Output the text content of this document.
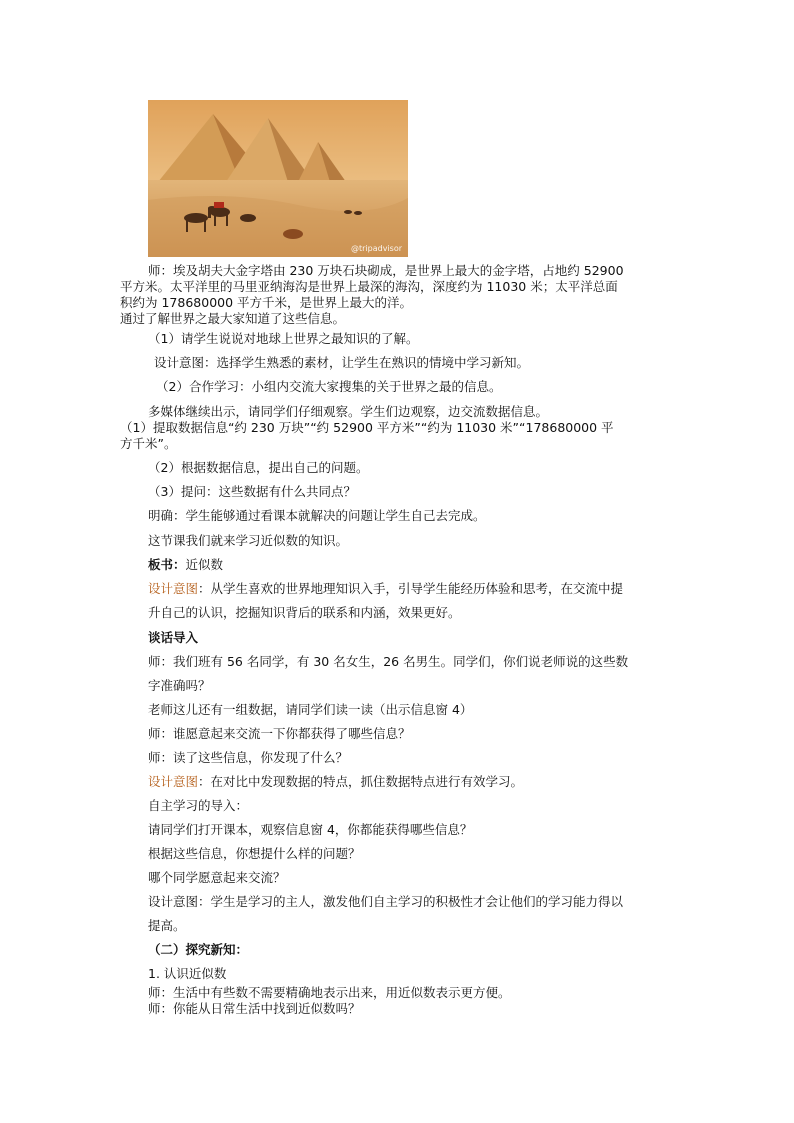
@tripadvisor
师：埃及胡夫大金字塔由 230 万块石块砌成，是世界上最大的金字塔，占地约 52900
平方米。太平洋里的马里亚纳海沟是世界上最深的海沟，深度约为 11030 米；太平洋总面
积约为 178680000 平方千米，是世界上最大的洋。
通过了解世界之最大家知道了这些信息。
（1）请学生说说对地球上世界之最知识的了解。
设计意图：选择学生熟悉的素材，让学生在熟识的情境中学习新知。
（2）合作学习：小组内交流大家搜集的关于世界之最的信息。
多媒体继续出示，请同学们仔细观察。学生们边观察，边交流数据信息。
（1）提取数据信息“约 230 万块”“约 52900 平方米”“约为 11030 米”“178680000 平
方千米”。
（2）根据数据信息，提出自己的问题。
（3）提问：这些数据有什么共同点？
明确：学生能够通过看课本就解决的问题让学生自己去完成。
这节课我们就来学习近似数的知识。
板书：近似数
设计意图：从学生喜欢的世界地理知识入手，引导学生能经历体验和思考，在交流中提
升自己的认识，挖掘知识背后的联系和内涵，效果更好。
谈话导入
师：我们班有 56 名同学，有 30 名女生，26 名男生。同学们，你们说老师说的这些数
字准确吗？
老师这儿还有一组数据，请同学们读一读（出示信息窗 4）
师：谁愿意起来交流一下你都获得了哪些信息？
师：读了这些信息，你发现了什么？
设计意图：在对比中发现数据的特点，抓住数据特点进行有效学习。
自主学习的导入：
请同学们打开课本，观察信息窗 4，你都能获得哪些信息？
根据这些信息，你想提什么样的问题？
哪个同学愿意起来交流？
设计意图：学生是学习的主人，激发他们自主学习的积极性才会让他们的学习能力得以
提高。
（二）探究新知：
1. 认识近似数
师：生活中有些数不需要精确地表示出来，用近似数表示更方便。
师：你能从日常生活中找到近似数吗？
